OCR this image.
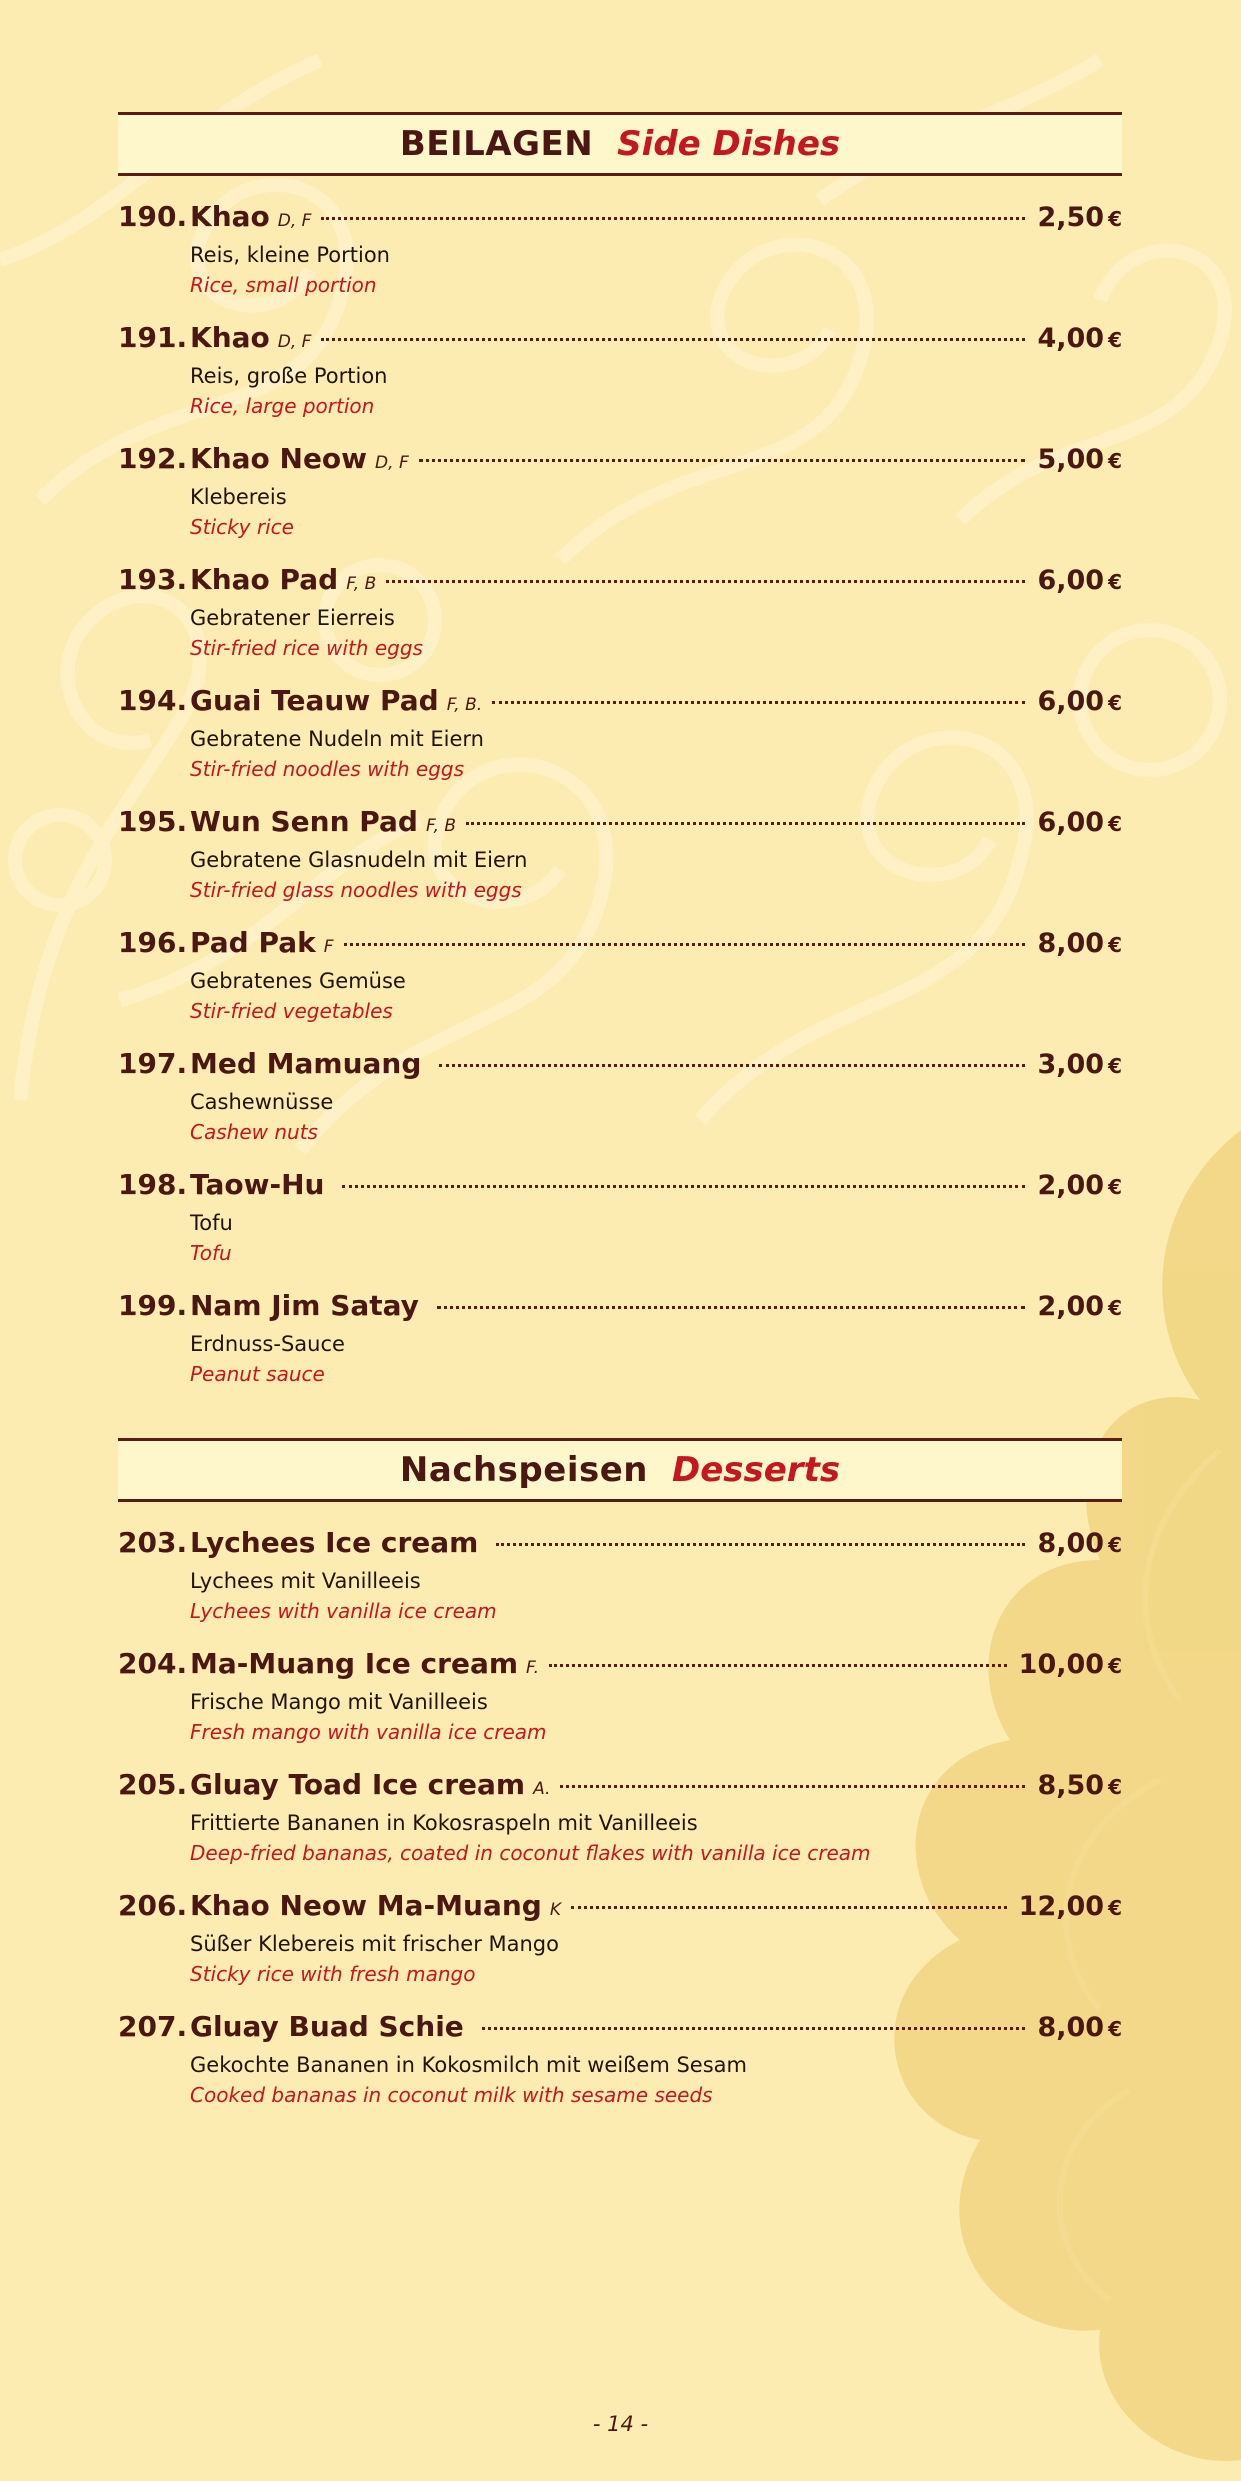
BEILAGEN Side Dishes
190. Khao D, F	2,50 €
Reis, kleine Portion
Rice, small portion
191. Khao D, F	4,00 €
Reis, große Portion
Rice, large portion
192. Khao Neow D, F	5,00 €
Klebereis
Sticky rice
193. Khao Pad F, B	6,00 €
Gebratener Eierreis
Stir-fried rice with eggs
194. Guai Teauw Pad F, B.	6,00 €
Gebratene Nudeln mit Eiern
Stir-fried noodles with eggs
195. Wun Senn Pad F, B	6,00 €
Gebratene Glasnudeln mit Eiern
Stir-fried glass noodles with eggs
196. Pad Pak F	8,00 €
Gebratenes Gemüse
Stir-fried vegetables
197. Med Mamuang	3,00 €
Cashewnüsse
Cashew nuts
198. Taow-Hu	2,00 €
Tofu
Tofu
199. Nam Jim Satay	2,00 €
Erdnuss-Sauce
Peanut sauce
Nachspeisen Desserts
203. Lychees Ice cream	8,00 €
Lychees mit Vanilleeis
Lychees with vanilla ice cream
204. Ma-Muang Ice cream F.	10,00 €
Frische Mango mit Vanilleeis
Fresh mango with vanilla ice cream
205. Gluay Toad Ice cream A.	8,50 €
Frittierte Bananen in Kokosraspeln mit Vanilleeis
Deep-fried bananas, coated in coconut flakes with vanilla ice cream
206. Khao Neow Ma-Muang K	12,00 €
Süßer Klebereis mit frischer Mango
Sticky rice with fresh mango
207. Gluay Buad Schie	8,00 €
Gekochte Bananen in Kokosmilch mit weißem Sesam
Cooked bananas in coconut milk with sesame seeds
- 14 -
